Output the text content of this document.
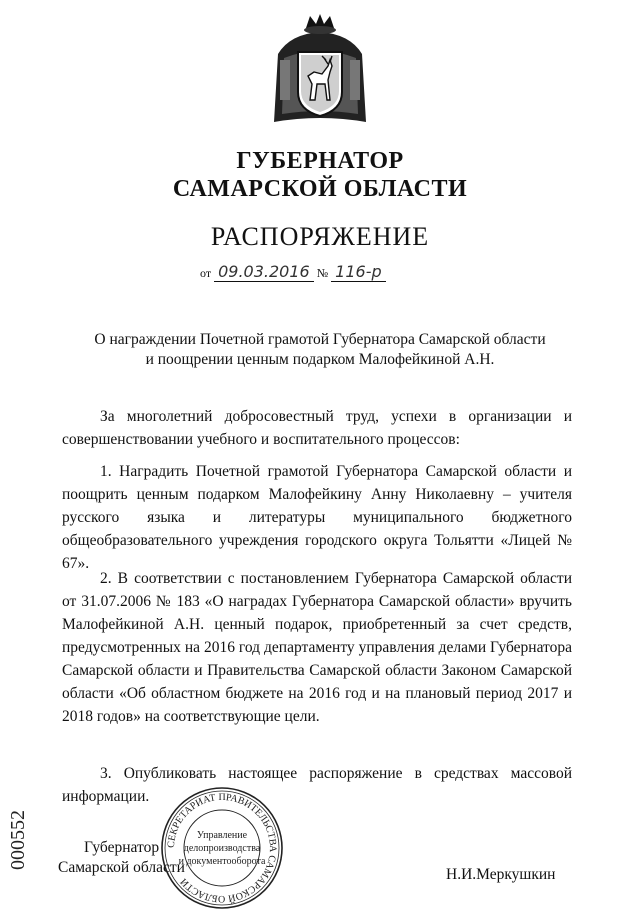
ГУБЕРНАТОР
САМАРСКОЙ ОБЛАСТИ
РАСПОРЯЖЕНИЕ
от 09.03.2016 № 116-р
О награждении Почетной грамотой Губернатора Самарской области
и поощрении ценным подарком Малофейкиной А.Н.
За многолетний добросовестный труд, успехи в организации и совершенствовании учебного и воспитательного процессов:
1. Наградить Почетной грамотой Губернатора Самарской области и поощрить ценным подарком Малофейкину Анну Николаевну – учителя русского языка и литературы муниципального бюджетного общеобразовательного учреждения городского округа Тольятти «Лицей № 67».
2. В соответствии с постановлением Губернатора Самарской области от 31.07.2006 № 183 «О наградах Губернатора Самарской области» вручить Малофейкиной А.Н. ценный подарок, приобретенный за счет средств, предусмотренных на 2016 год департаменту управления делами Губернатора Самарской области и Правительства Самарской области Законом Самарской области «Об областном бюджете на 2016 год и на плановый период 2017 и 2018 годов» на соответствующие цели.
3. Опубликовать настоящее распоряжение в средствах массовой информации.
Губернатор
Самарской области
СЕКРЕТАРИАТ ПРАВИТЕЛЬСТВА САМАРСКОЙ ОБЛАСТИ
Управление
делопроизводства
и документооборота
Н.И.Меркушкин
000552
